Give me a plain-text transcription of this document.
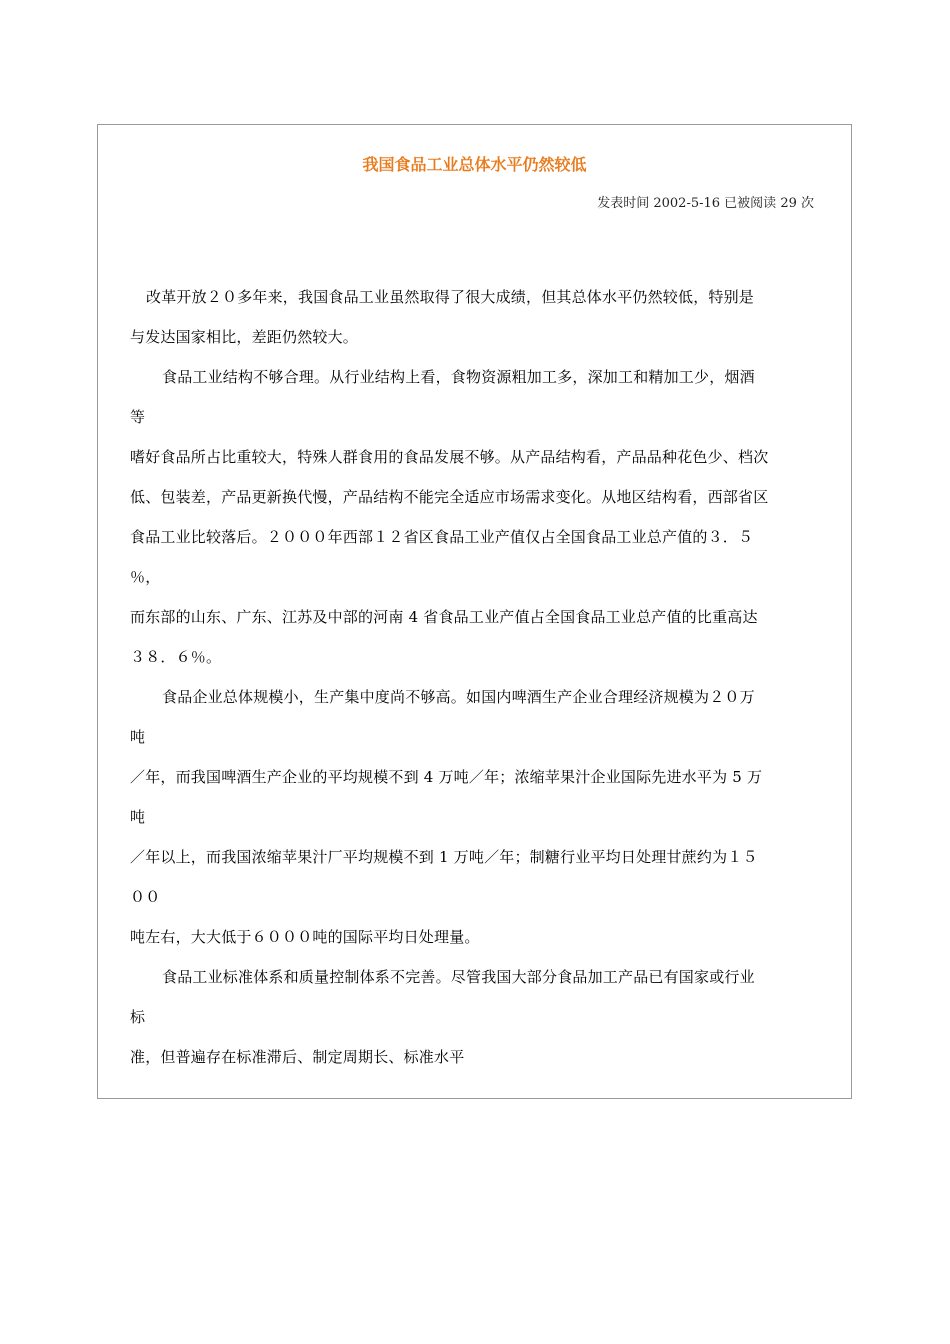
我国食品工业总体水平仍然较低
发表时间 2002-5-16 已被阅读 29 次
改革开放２０多年来，我国食品工业虽然取得了很大成绩，但其总体水平仍然较低，特别是
与发达国家相比，差距仍然较大。
食品工业结构不够合理。从行业结构上看，食物资源粗加工多，深加工和精加工少，烟酒
等
嗜好食品所占比重较大，特殊人群食用的食品发展不够。从产品结构看，产品品种花色少、档次
低、包装差，产品更新换代慢，产品结构不能完全适应市场需求变化。从地区结构看，西部省区
食品工业比较落后。２０００年西部１２省区食品工业产值仅占全国食品工业总产值的３．５
％，
而东部的山东、广东、江苏及中部的河南 4 省食品工业产值占全国食品工业总产值的比重高达
３８．６％。
食品企业总体规模小，生产集中度尚不够高。如国内啤酒生产企业合理经济规模为２０万
吨
／年，而我国啤酒生产企业的平均规模不到 4 万吨／年；浓缩苹果汁企业国际先进水平为 5 万
吨
／年以上，而我国浓缩苹果汁厂平均规模不到 1 万吨／年；制糖行业平均日处理甘蔗约为１５
００
吨左右，大大低于６０００吨的国际平均日处理量。
食品工业标准体系和质量控制体系不完善。尽管我国大部分食品加工产品已有国家或行业
标
准，但普遍存在标准滞后、制定周期长、标准水平
